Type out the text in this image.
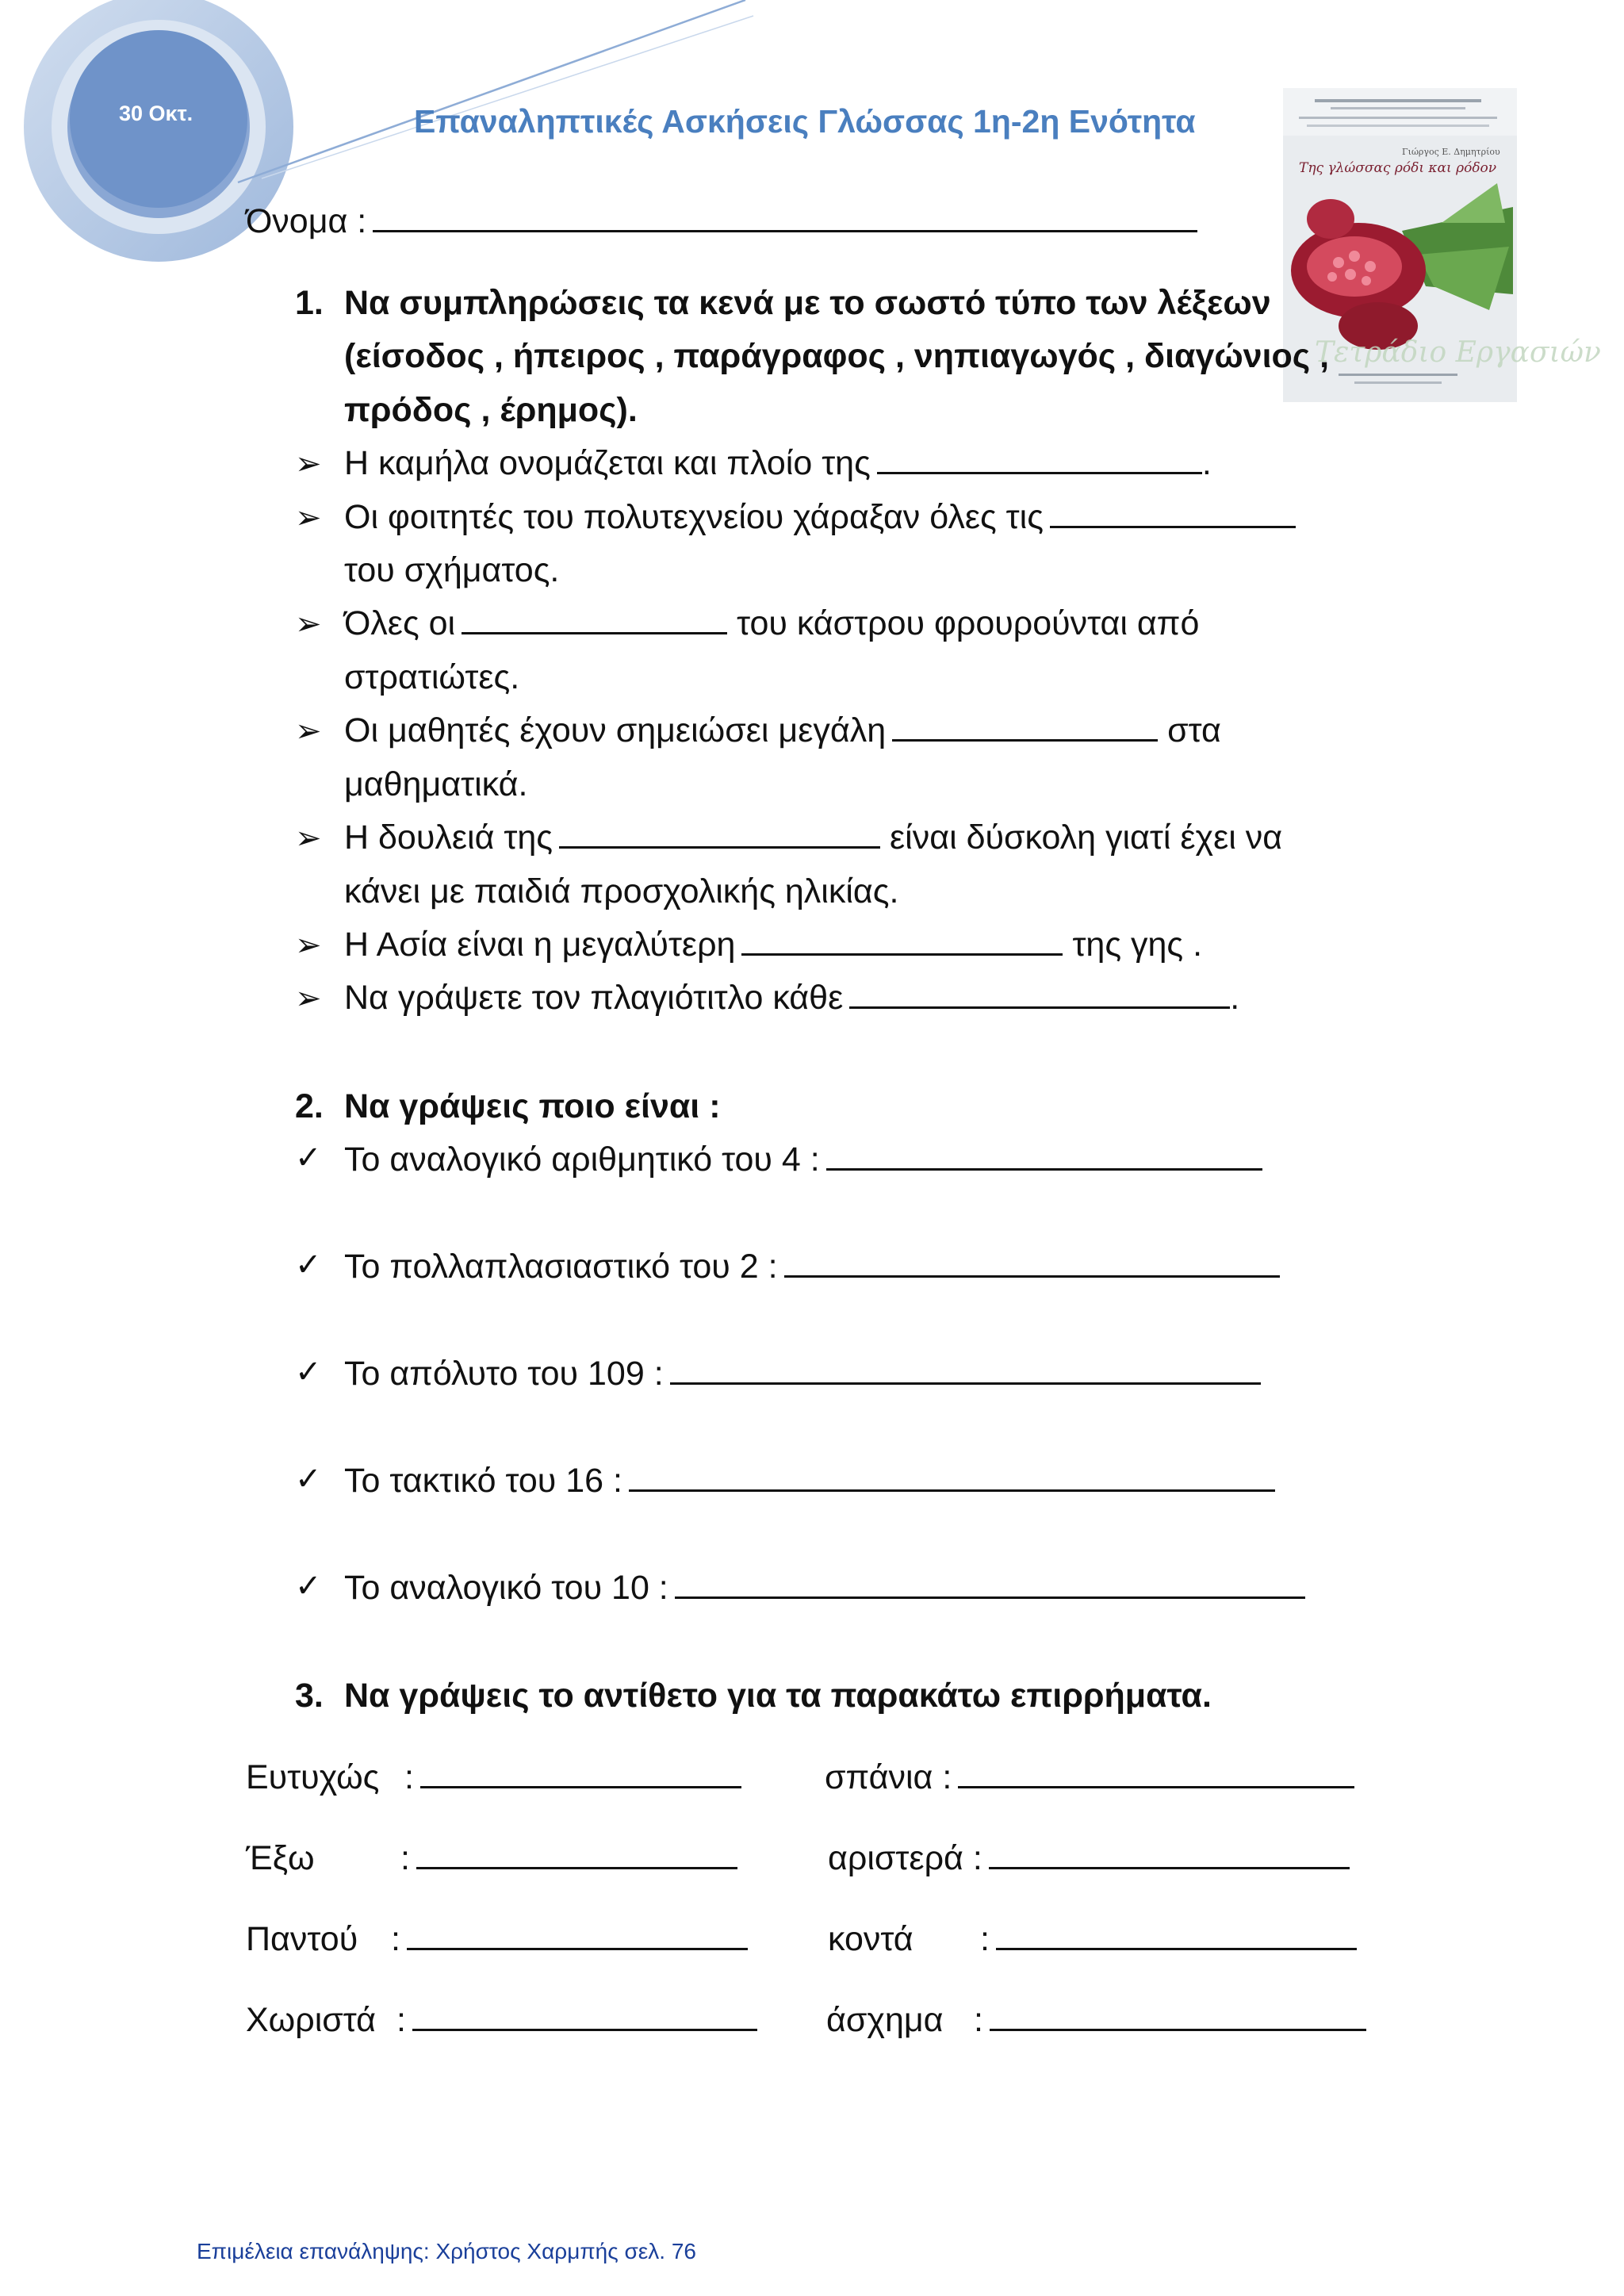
30 Οκτ.	Επαναληπτικές Ασκήσεις Γλώσσας 1η-2η Ενότητα
Γιώργος Ε. Δημητρίου
Της γλώσσας ρόδι και ρόδον
Τετράδιο Εργασιών
Όνομα :
1. Να συμπληρώσεις τα κενά με το σωστό τύπο των λέξεων
(είσοδος , ήπειρος , παράγραφος , νηπιαγωγός , διαγώνιος ,
πρόδος , έρημος).
➢ Η καμήλα ονομάζεται και πλοίο της	.
➢ Οι φοιτητές του πολυτεχνείου χάραξαν όλες τις
του σχήματος.
➢ Όλες οι	του κάστρου φρουρούνται από
στρατιώτες.
➢ Οι μαθητές έχουν σημειώσει μεγάλη	στα
μαθηματικά.
➢ Η δουλειά της	είναι δύσκολη γιατί έχει να
κάνει με παιδιά προσχολικής ηλικίας.
➢ Η Ασία είναι η μεγαλύτερη	της γης .
➢ Να γράψετε τον πλαγιότιτλο κάθε	.
2. Να γράψεις ποιο είναι :
✓ Το αναλογικό αριθμητικό του 4 :
✓ Το πολλαπλασιαστικό του 2 :
✓ Το απόλυτο του 109 :
✓ Το τακτικό του 16 :
✓ Το αναλογικό του 10 :
3. Να γράψεις το αντίθετο για τα παρακάτω επιρρήματα.
Ευτυχώς :	σπάνια :
Έξω	:	αριστερά :
Παντού :	κοντά :
Χωριστά :	άσχημα :
Επιμέλεια επανάληψης: Χρήστος Χαρμπής σελ. 76
